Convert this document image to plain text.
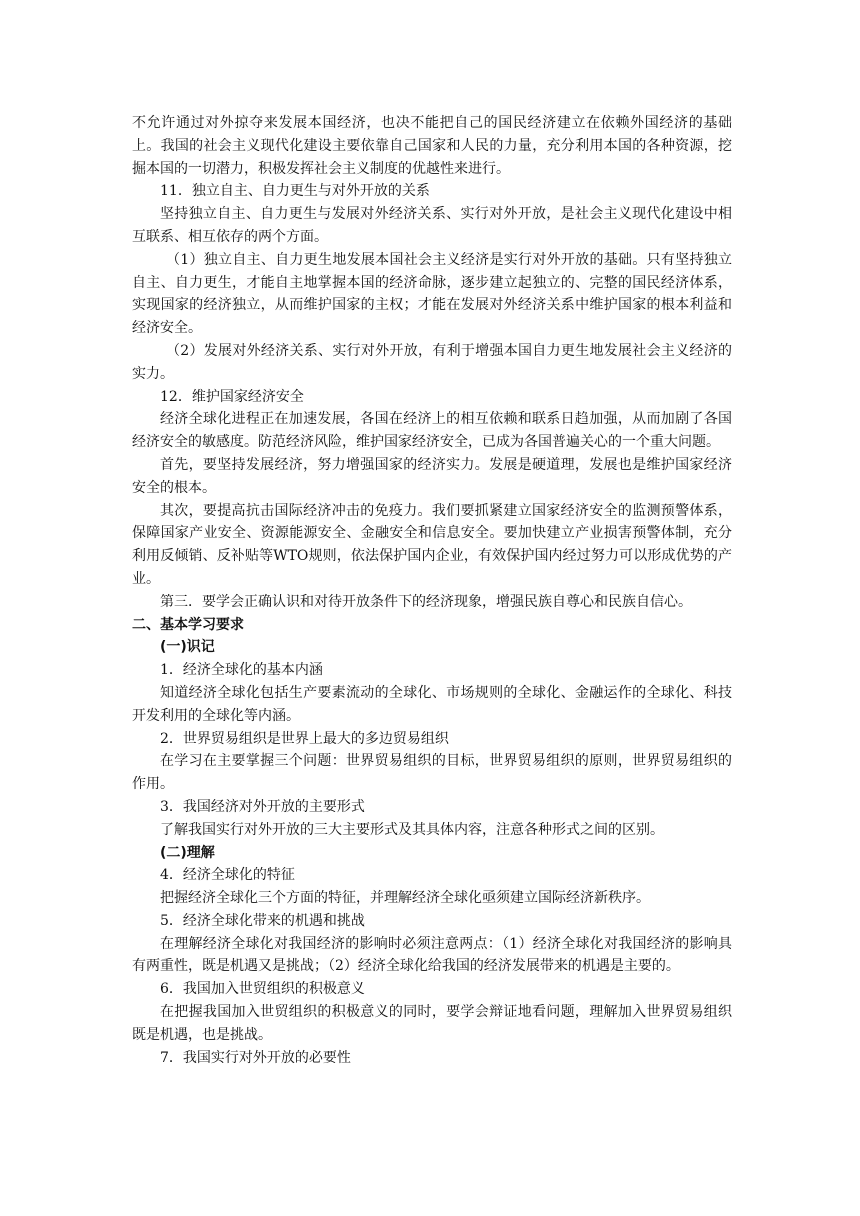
不允许通过对外掠夺来发展本国经济，也决不能把自己的国民经济建立在依赖外国经济的基础上。我国的社会主义现代化建设主要依靠自己国家和人民的力量，充分利用本国的各种资源，挖掘本国的一切潜力，积极发挥社会主义制度的优越性来进行。

11．独立自主、自力更生与对外开放的关系

坚持独立自主、自力更生与发展对外经济关系、实行对外开放，是社会主义现代化建设中相互联系、相互依存的两个方面。

（1）独立自主、自力更生地发展本国社会主义经济是实行对外开放的基础。只有坚持独立自主、自力更生，才能自主地掌握本国的经济命脉，逐步建立起独立的、完整的国民经济体系，实现国家的经济独立，从而维护国家的主权；才能在发展对外经济关系中维护国家的根本利益和经济安全。

（2）发展对外经济关系、实行对外开放，有利于增强本国自力更生地发展社会主义经济的实力。

12．维护国家经济安全

经济全球化进程正在加速发展，各国在经济上的相互依赖和联系日趋加强，从而加剧了各国经济安全的敏感度。防范经济风险，维护国家经济安全，已成为各国普遍关心的一个重大问题。

首先，要坚持发展经济，努力增强国家的经济实力。发展是硬道理，发展也是维护国家经济安全的根本。

其次，要提高抗击国际经济冲击的免疫力。我们要抓紧建立国家经济安全的监测预警体系，保障国家产业安全、资源能源安全、金融安全和信息安全。要加快建立产业损害预警体制，充分利用反倾销、反补贴等WTO规则，依法保护国内企业，有效保护国内经过努力可以形成优势的产业。

第三．要学会正确认识和对待开放条件下的经济现象，增强民族自尊心和民族自信心。

二、基本学习要求

(一)识记

1．经济全球化的基本内涵

知道经济全球化包括生产要素流动的全球化、市场规则的全球化、金融运作的全球化、科技开发利用的全球化等内涵。

2．世界贸易组织是世界上最大的多边贸易组织

在学习在主要掌握三个问题：世界贸易组织的目标，世界贸易组织的原则，世界贸易组织的作用。

3．我国经济对外开放的主要形式

了解我国实行对外开放的三大主要形式及其具体内容，注意各种形式之间的区别。

(二)理解

4．经济全球化的特征

把握经济全球化三个方面的特征，并理解经济全球化亟须建立国际经济新秩序。

5．经济全球化带来的机遇和挑战

在理解经济全球化对我国经济的影响时必须注意两点：（1）经济全球化对我国经济的影响具有两重性，既是机遇又是挑战；（2）经济全球化给我国的经济发展带来的机遇是主要的。

6．我国加入世贸组织的积极意义

在把握我国加入世贸组织的积极意义的同时，要学会辩证地看问题，理解加入世界贸易组织既是机遇，也是挑战。

7．我国实行对外开放的必要性
